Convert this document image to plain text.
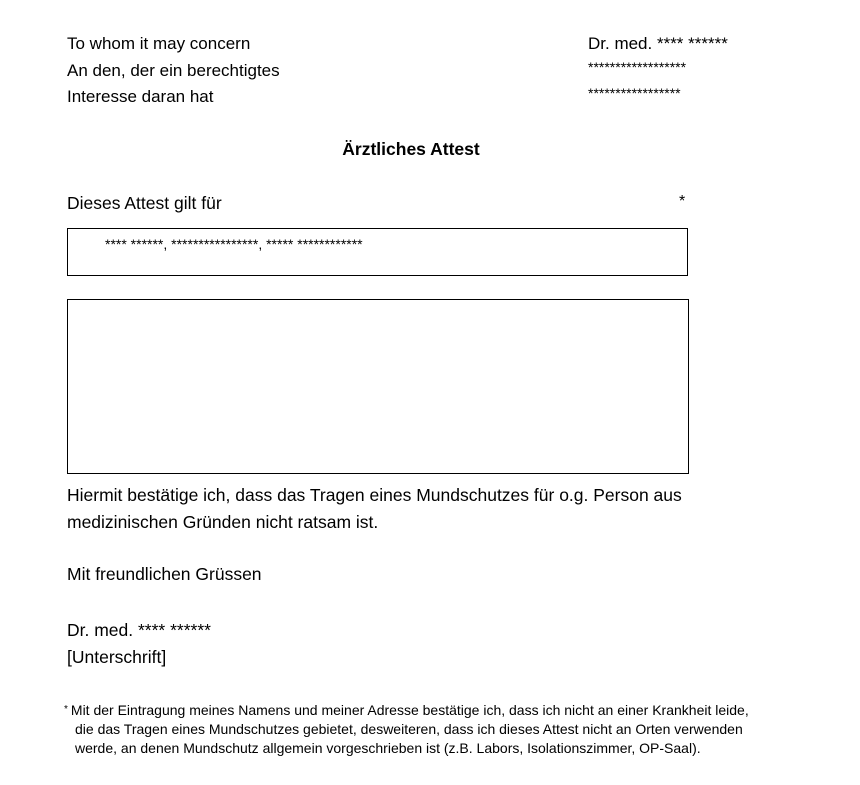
To whom it may concern
An den, der ein berechtigtes
Interesse daran hat
Dr. med. **** ******
******************
*****************
Ärztliches Attest
Dieses Attest gilt für	*
**** ******, ****************, ***** ************
Hiermit bestätige ich, dass das Tragen eines Mundschutzes für o.g. Person aus
medizinischen Gründen nicht ratsam ist.
Mit freundlichen Grüssen
Dr. med. **** ******
[Unterschrift]
* Mit der Eintragung meines Namens und meiner Adresse bestätige ich, dass ich nicht an einer Krankheit leide,
die das Tragen eines Mundschutzes gebietet, desweiteren, dass ich dieses Attest nicht an Orten verwenden
werde, an denen Mundschutz allgemein vorgeschrieben ist (z.B. Labors, Isolationszimmer, OP-Saal).
